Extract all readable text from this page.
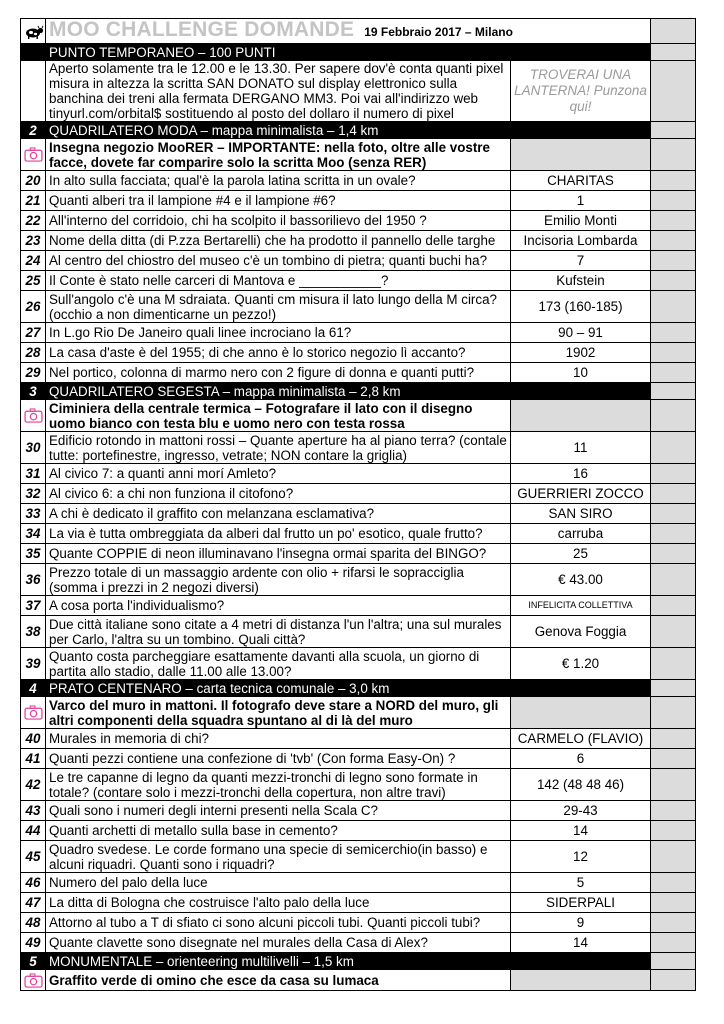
	MOO CHALLENGE DOMANDE 19 Febbraio 2017 – Milano		
	PUNTO TEMPORANEO – 100 PUNTI		
	Aperto solamente tra le 12.00 e le 13.30. Per sapere dov'è conta quanti pixel misura in altezza la scritta SAN DONATO sul display elettronico sulla banchina dei treni alla fermata DERGANO MM3. Poi vai all'indirizzo web tinyurl.com/orbital$ sostituendo al posto del dollaro il numero di pixel	TROVERAI UNA LANTERNA! Punzona qui!	
2	QUADRILATERO MODA – mappa minimalista – 1,4 km		
	Insegna negozio MooRER – IMPORTANTE: nella foto, oltre alle vostre facce, dovete far comparire solo la scritta Moo (senza RER)		
20	In alto sulla facciata; qual'è la parola latina scritta in un ovale?	CHARITAS	
21	Quanti alberi tra il lampione #4 e il lampione #6?	1	
22	All'interno del corridoio, chi ha scolpito il bassorilievo del 1950 ?	Emilio Monti	
23	Nome della ditta (di P.zza Bertarelli) che ha prodotto il pannello delle targhe	Incisoria Lombarda	
24	Al centro del chiostro del museo c'è un tombino di pietra; quanti buchi ha?	7	
25	Il Conte è stato nelle carceri di Mantova e ___________?	Kufstein	
26	Sull'angolo c'è una M sdraiata. Quanti cm misura il lato lungo della M circa? (occhio a non dimenticarne un pezzo!)	173 (160-185)	
27	In L.go Rio De Janeiro quali linee incrociano la 61?	90 – 91	
28	La casa d'aste è del 1955; di che anno è lo storico negozio lì accanto?	1902	
29	Nel portico, colonna di marmo nero con 2 figure di donna e quanti putti?	10	
3	QUADRILATERO SEGESTA – mappa minimalista – 2,8 km		
	Ciminiera della centrale termica – Fotografare il lato con il disegno uomo bianco con testa blu e uomo nero con testa rossa		
30	Edificio rotondo in mattoni rossi – Quante aperture ha al piano terra? (contale tutte: portefinestre, ingresso, vetrate; NON contare la griglia)	11	
31	Al civico 7: a quanti anni morí Amleto?	16	
32	Al civico 6: a chi non funziona il citofono?	GUERRIERI ZOCCO	
33	A chi è dedicato il graffito con melanzana esclamativa?	SAN SIRO	
34	La via è tutta ombreggiata da alberi dal frutto un po' esotico, quale frutto?	carruba	
35	Quante COPPIE di neon illuminavano l'insegna ormai sparita del BINGO?	25	
36	Prezzo totale di un massaggio ardente con olio + rifarsi le sopracciglia (somma i prezzi in 2 negozi diversi)	€ 43.00	
37	A cosa porta l'individualismo?	INFELICITA COLLETTIVA	
38	Due città italiane sono citate a 4 metri di distanza l'un l'altra; una sul murales per Carlo, l'altra su un tombino. Quali città?	Genova Foggia	
39	Quanto costa parcheggiare esattamente davanti alla scuola, un giorno di partita allo stadio, dalle 11.00 alle 13.00?	€ 1.20	
4	PRATO CENTENARO – carta tecnica comunale – 3,0 km		
	Varco del muro in mattoni. Il fotografo deve stare a NORD del muro, gli altri componenti della squadra spuntano al di là del muro		
40	Murales in memoria di chi?	CARMELO (FLAVIO)	
41	Quanti pezzi contiene una confezione di 'tvb' (Con forma Easy-On) ?	6	
42	Le tre capanne di legno da quanti mezzi-tronchi di legno sono formate in totale? (contare solo i mezzi-tronchi della copertura, non altre travi)	142 (48 48 46)	
43	Quali sono i numeri degli interni presenti nella Scala C?	29-43	
44	Quanti archetti di metallo sulla base in cemento?	14	
45	Quadro svedese. Le corde formano una specie di semicerchio(in basso) e alcuni riquadri. Quanti sono i riquadri?	12	
46	Numero del palo della luce	5	
47	La ditta di Bologna che costruisce l'alto palo della luce	SIDERPALI	
48	Attorno al tubo a T di sfiato ci sono alcuni piccoli tubi. Quanti piccoli tubi?	9	
49	Quante clavette sono disegnate nel murales della Casa di Alex?	14	
5	MONUMENTALE – orienteering multilivelli – 1,5 km		
	Graffito verde di omino che esce da casa su lumaca		
